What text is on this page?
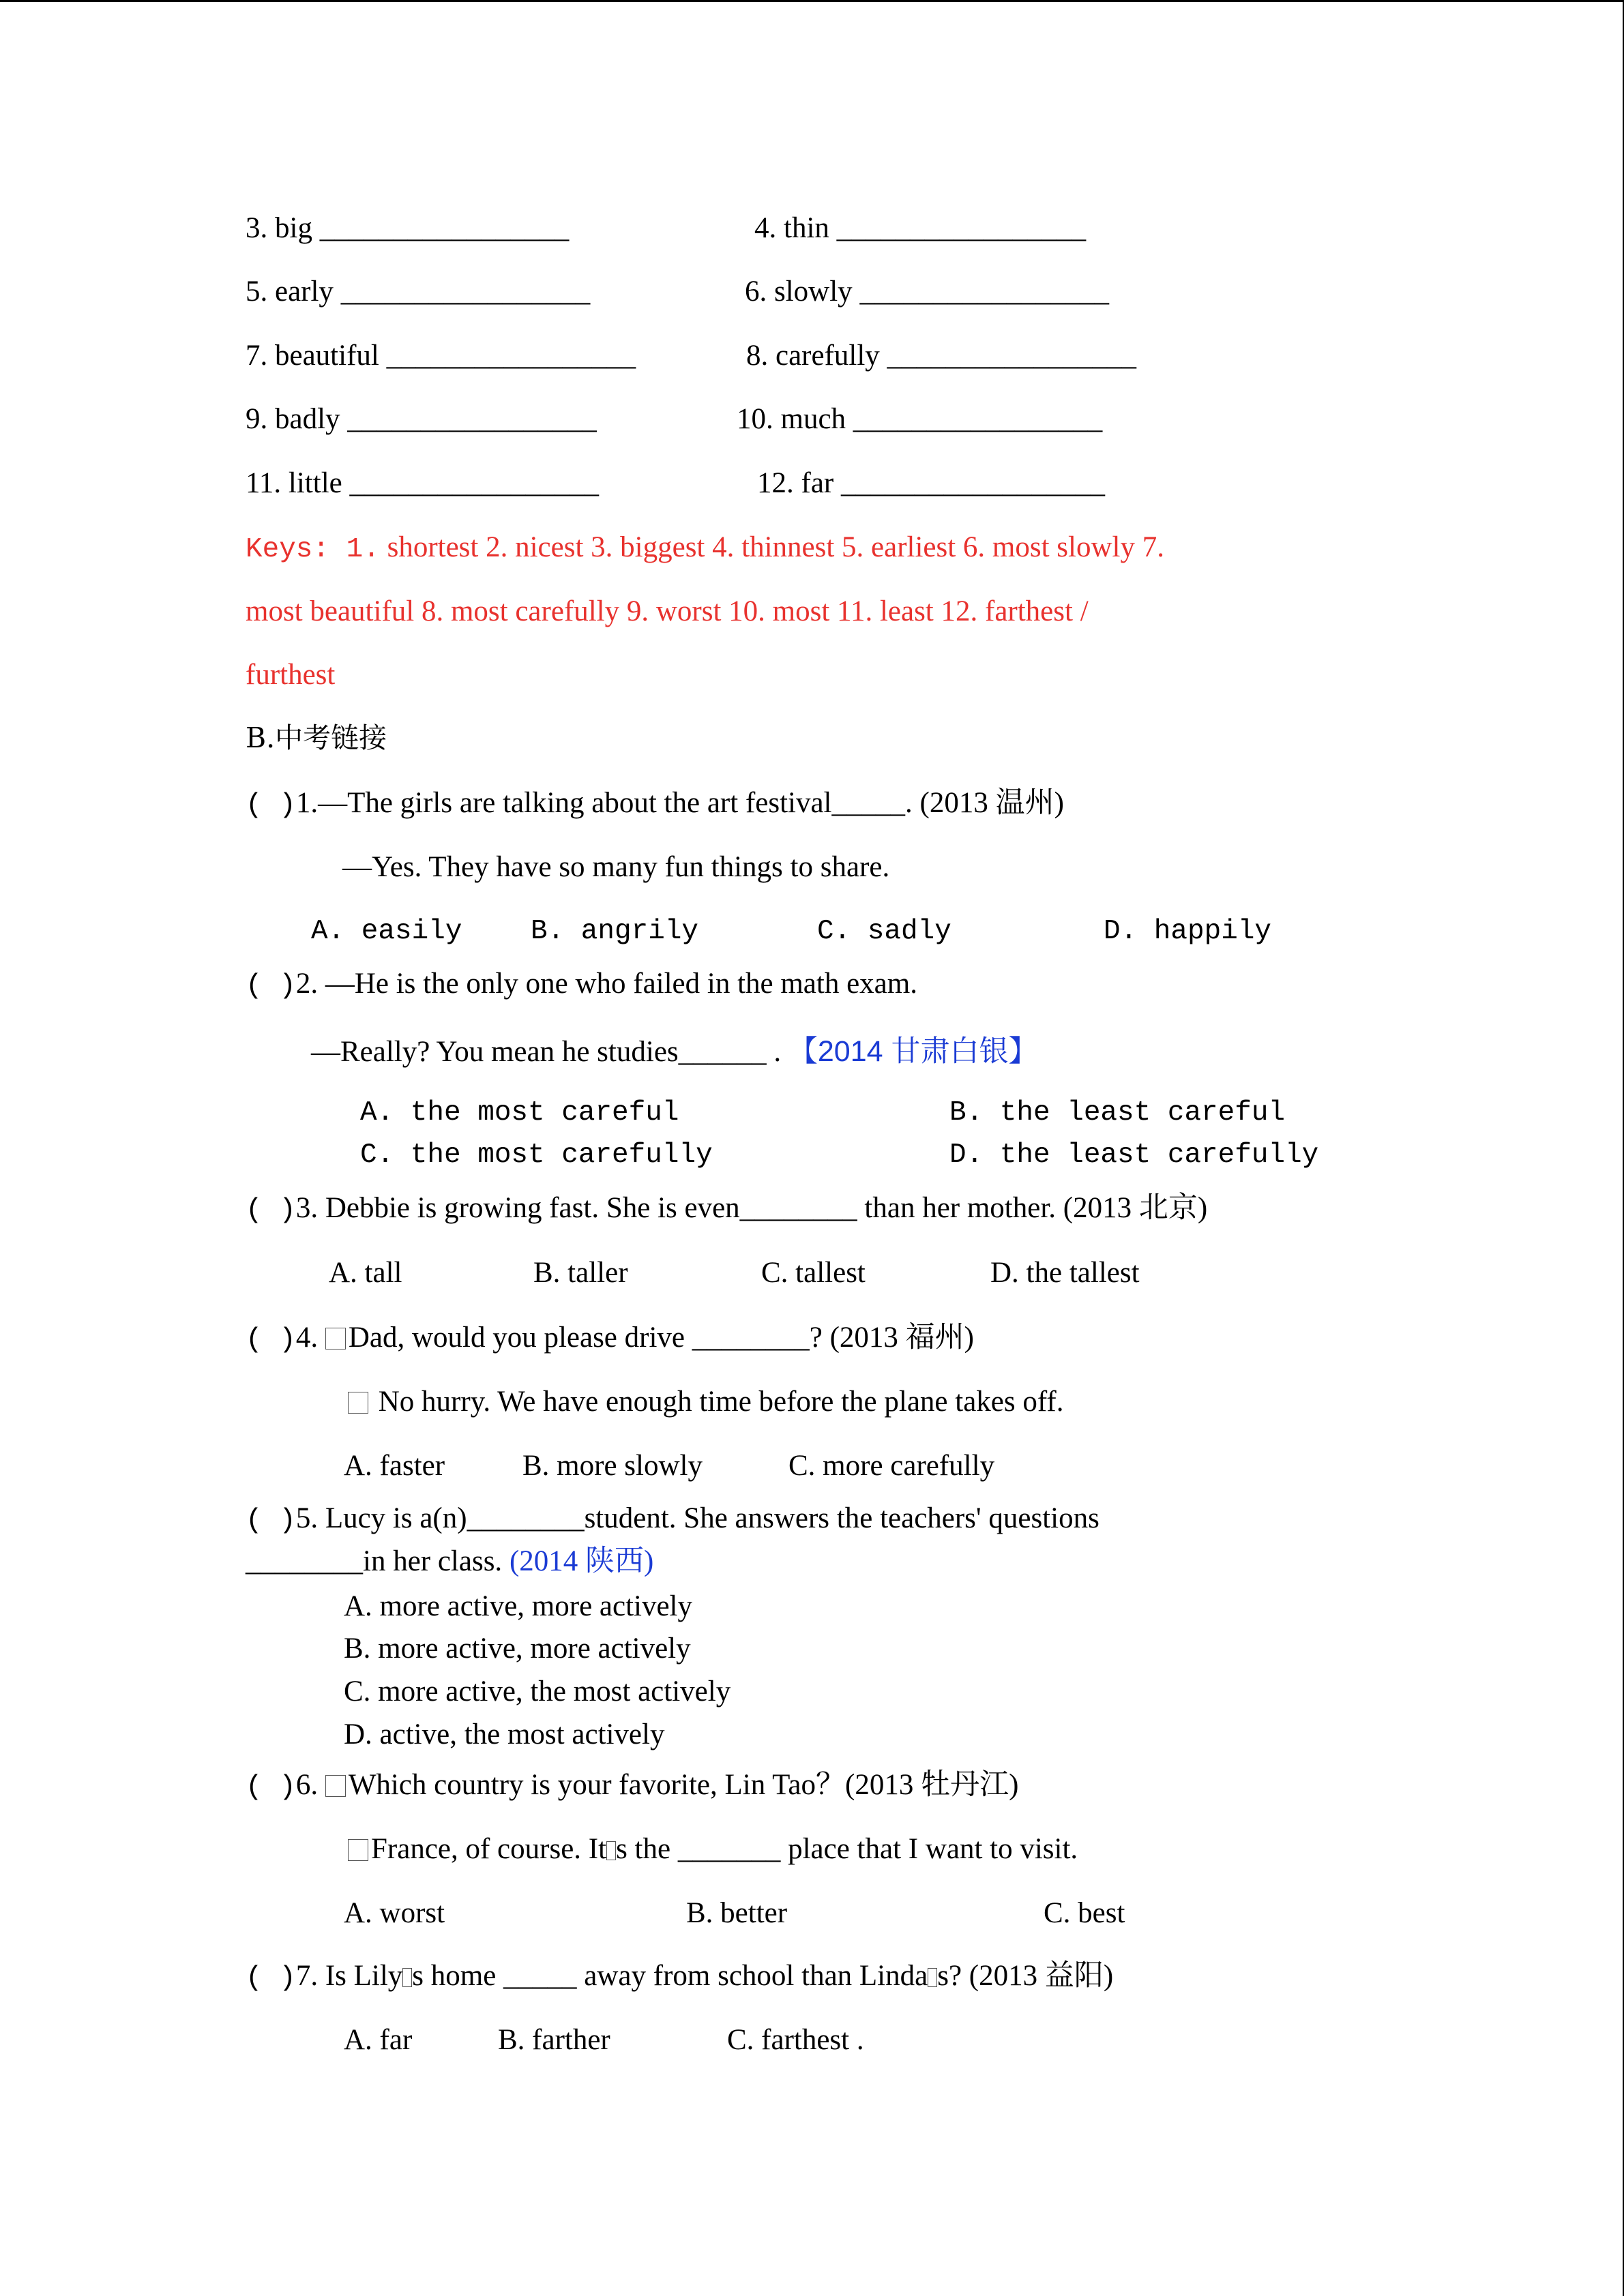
3. big _________________	4. thin _________________
5. early _________________	6. slowly _________________
7. beautiful _________________	8. carefully _________________
9. badly _________________	10. much _________________
11. little _________________	12. far __________________
Keys: 1. shortest 2. nicest 3. biggest 4. thinnest 5. earliest 6. most slowly 7.
most beautiful 8. most carefully 9. worst 10. most 11. least 12. farthest /
furthest
B.中考链接
( )1.—The girls are talking about the art festival_____. (2013 温州)
—Yes. They have so many fun things to share.
A. easily B. angrily	C. sadly	D. happily
( )2. —He is the only one who failed in the math exam.
—Really? You mean he studies______ . 【2014 甘肃白银】
A. the most careful	B. the least careful
C. the most carefully	D. the least carefully
( )3. Debbie is growing fast. She is even________ than her mother. (2013 北京)
A. tall	B. taller	C. tallest	D. the tallest
( )4. Dad, would you please drive ________? (2013 福州)
No hurry. We have enough time before the plane takes off.
A. faster	B. more slowly	C. more carefully
( )5. Lucy is a(n)________student. She answers the teachers' questions
________in her class. (2014 陕西)
A. more active, more actively
B. more active, more actively
C. more active, the most actively
D. active, the most actively
( )6. Which country is your favorite, Lin Tao？(2013 牡丹江)
France, of course. It s the _______ place that I want to visit.
A. worst	B. better	C. best
( )7. Is Lily s home _____ away from school than Linda s? (2013 益阳)
A. far	B. farther	C. farthest .
